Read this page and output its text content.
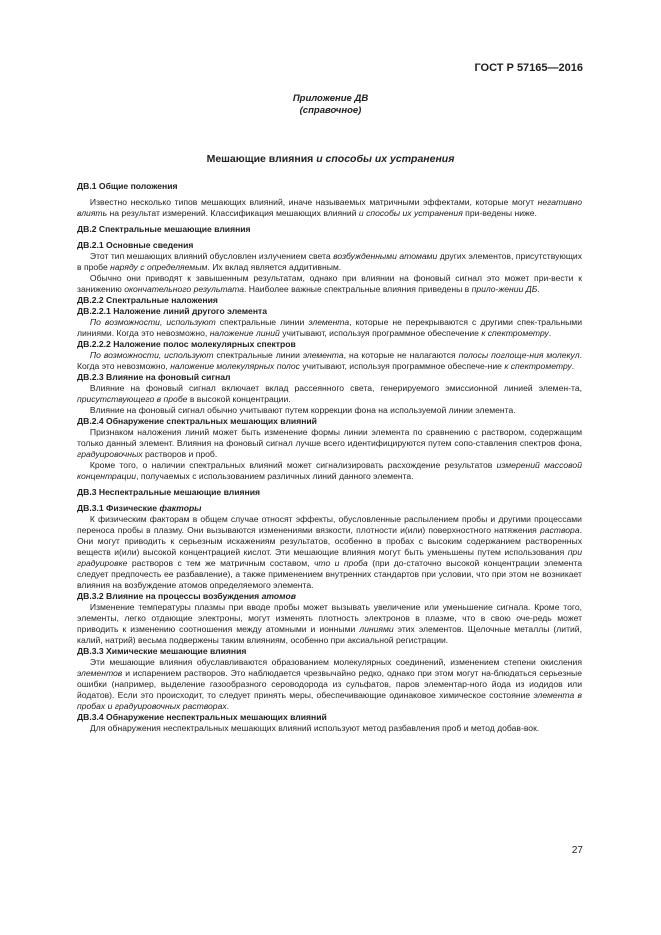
ГОСТ Р 57165—2016
Приложение ДВ
(справочное)
Мешающие влияния и способы их устранения

ДВ.1 Общие положения

  Известно несколько типов мешающих влияний, иначе называемых матричными эффектами, которые могут негативно влиять на результат измерений. Классификация мешающих влияний и способы их устранения при-ведены ниже.

ДВ.2 Спектральные мешающие влияния

ДВ.2.1 Основные сведения

  Этот тип мешающих влияний обусловлен излучением света возбужденными атомами других элементов, присутствующих в пробе наряду с определяемым. Их вклад является аддитивным.

  Обычно они приводят к завышенным результатам, однако при влиянии на фоновый сигнал это может при-вести к занижению окончательного результата. Наиболее важные спектральные влияния приведены в прило-жении ДБ.

ДВ.2.2 Спектральные наложения

ДВ.2.2.1 Наложение линий другого элемента

  По возможности, используют спектральные линии элемента, которые не перекрываются с другими спек-тральными линиями. Когда это невозможно, наложение линий учитывают, используя программное обеспечение к спектрометру.

ДВ.2.2.2 Наложение полос молекулярных спектров

  По возможности, используют спектральные линии элемента, на которые не налагаются полосы поглоще-ния молекул. Когда это невозможно, наложение молекулярных полос учитывают, используя программное обеспече-ние к спектрометру.

ДВ.2.3 Влияние на фоновый сигнал

  Влияние на фоновый сигнал включает вклад рассеянного света, генерируемого эмиссионной линией элемен-та, присутствующего в пробе в высокой концентрации.

  Влияние на фоновый сигнал обычно учитывают путем коррекции фона на используемой линии элемента.

ДВ.2.4 Обнаружение спектральных мешающих влияний

  Признаком наложения линий может быть изменение формы линии элемента по сравнению с раствором, содержащим только данный элемент. Влияния на фоновый сигнал лучше всего идентифицируются путем сопо-ставления спектров фона, градуировочных растворов и проб.

  Кроме того, о наличии спектральных влияний может сигнализировать расхождение результатов измерений массовой концентрации, получаемых с использованием различных линий данного элемента.

ДВ.3 Неспектральные мешающие влияния

ДВ.3.1 Физические факторы

  К физическим факторам в общем случае относят эффекты, обусловленные распылением пробы и другими процессами переноса пробы в плазму. Они вызываются изменениями вязкости, плотности и(или) поверхностного натяжения раствора. Они могут приводить к серьезным искажениям результатов, особенно в пробах с высоким содержанием растворенных веществ и(или) высокой концентрацией кислот. Эти мешающие влияния могут быть уменьшены путем использования при градуировке растворов с тем же матричным составом, что и проба (при до-статочно высокой концентрации элемента следует предпочесть ее разбавление), а также применением внутренних стандартов при условии, что при этом не возникает влияния на возбуждение атомов определяемого элемента.

ДВ.3.2 Влияние на процессы возбуждения атомов

  Изменение температуры плазмы при вводе пробы может вызывать увеличение или уменьшение сигнала. Кроме того, элементы, легко отдающие электроны, могут изменять плотность электронов в плазме, что в свою оче-редь может приводить к изменению соотношения между атомными и ионными линиями этих элементов. Щелочные металлы (литий, калий, натрий) весьма подвержены таким влияниям, особенно при аксиальной регистрации.

ДВ.3.3 Химические мешающие влияния

  Эти мешающие влияния обуславливаются образованием молекулярных соединений, изменением степени окисления элементов и испарением растворов. Это наблюдается чрезвычайно редко, однако при этом могут на-блюдаться серьезные ошибки (например, выделение газообразного сероводорода из сульфатов, паров элементар-ного йода из иодидов или йодатов). Если это происходит, то следует принять меры, обеспечивающие одинаковое химическое состояние элемента в пробах и градуировочных растворах.

ДВ.3.4 Обнаружение неспектральных мешающих влияний

  Для обнаружения неспектральных мешающих влияний используют метод разбавления проб и метод добав-вок.

27
